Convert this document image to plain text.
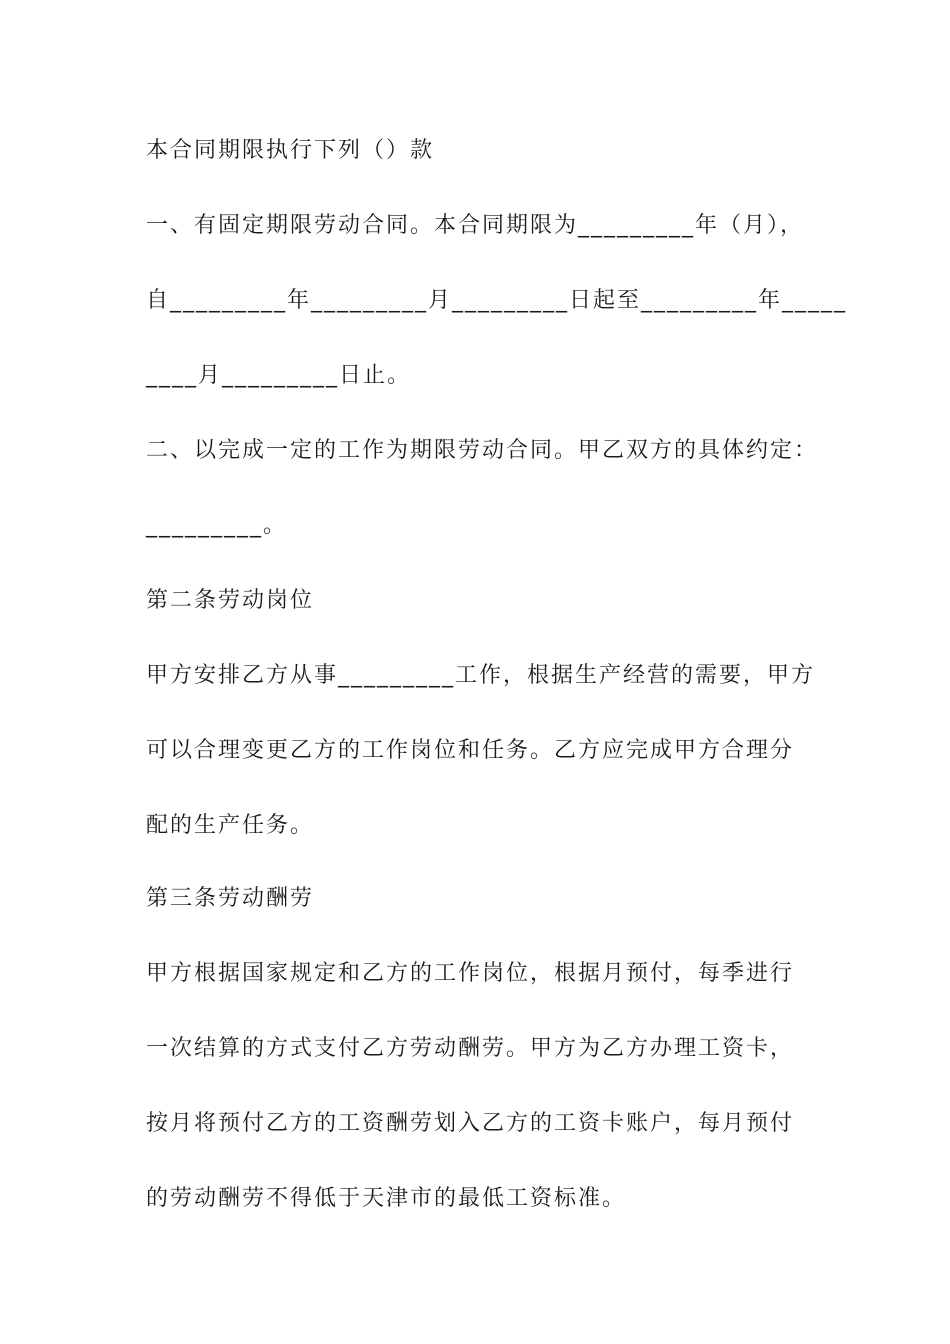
本合同期限执行下列（）款
一、有固定期限劳动合同。本合同期限为_________年（月），
自_________年_________月_________日起至_________年_____
____月_________日止。
二、以完成一定的工作为期限劳动合同。甲乙双方的具体约定：
_________。
第二条劳动岗位
甲方安排乙方从事_________工作，根据生产经营的需要，甲方
可以合理变更乙方的工作岗位和任务。乙方应完成甲方合理分
配的生产任务。
第三条劳动酬劳
甲方根据国家规定和乙方的工作岗位，根据月预付，每季进行
一次结算的方式支付乙方劳动酬劳。甲方为乙方办理工资卡，
按月将预付乙方的工资酬劳划入乙方的工资卡账户，每月预付
的劳动酬劳不得低于天津市的最低工资标准。
